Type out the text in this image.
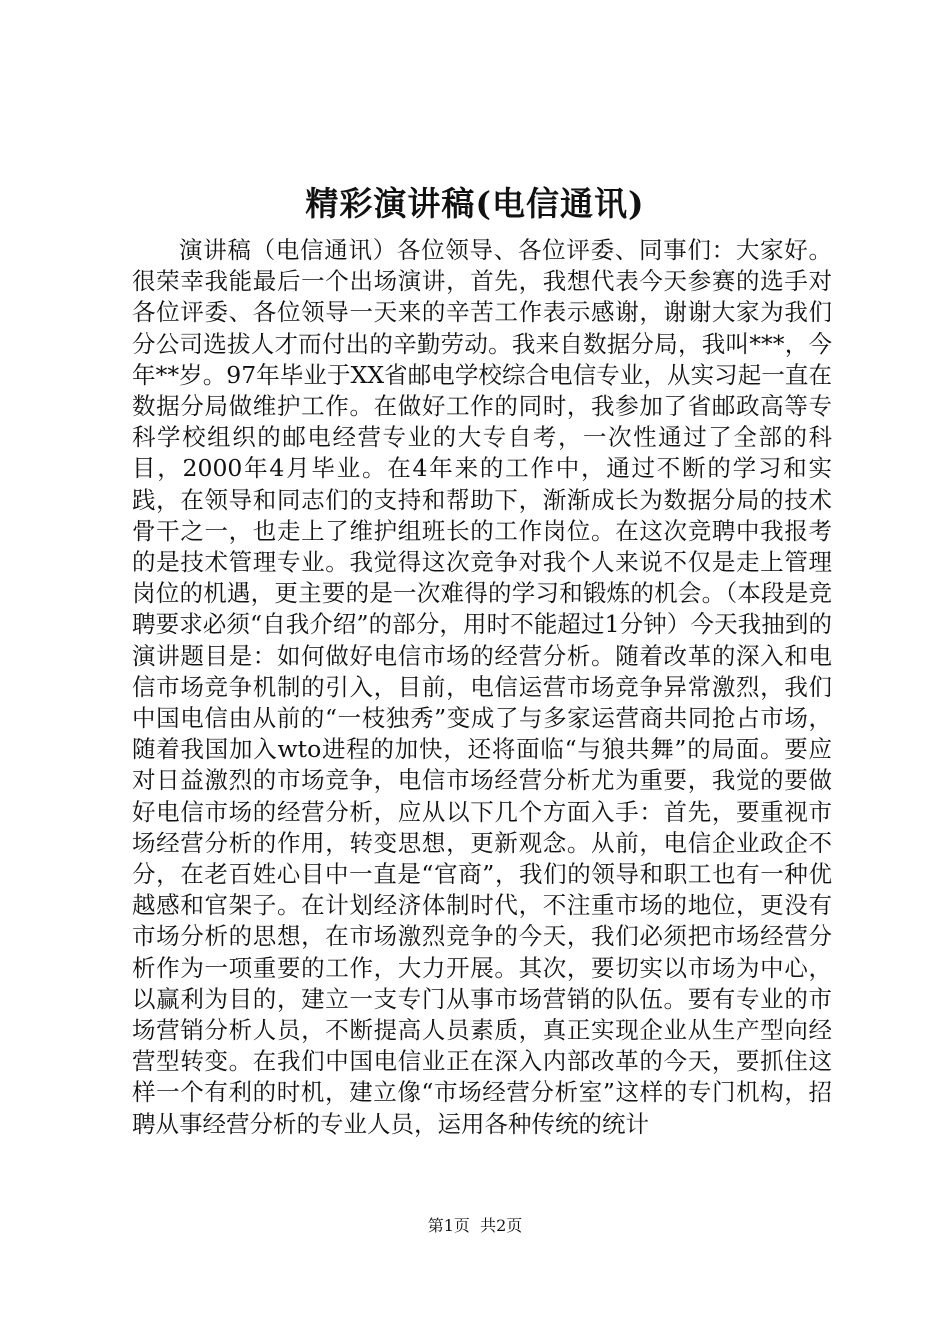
精彩演讲稿(电信通讯)

演讲稿（电信通讯）各位领导、各位评委、同事们：大家好。很荣幸我能最后一个出场演讲，首先，我想代表今天参赛的选手对各位评委、各位领导一天来的辛苦工作表示感谢，谢谢大家为我们分公司选拔人才而付出的辛勤劳动。我来自数据分局，我叫***，今年**岁。97年毕业于XX省邮电学校综合电信专业，从实习起一直在数据分局做维护工作。在做好工作的同时，我参加了省邮政高等专科学校组织的邮电经营专业的大专自考，一次性通过了全部的科目，2000年4月毕业。在4年来的工作中，通过不断的学习和实践，在领导和同志们的支持和帮助下，渐渐成长为数据分局的技术骨干之一，也走上了维护组班长的工作岗位。在这次竞聘中我报考的是技术管理专业。我觉得这次竞争对我个人来说不仅是走上管理岗位的机遇，更主要的是一次难得的学习和锻炼的机会。（本段是竞聘要求必须“自我介绍”的部分，用时不能超过1分钟）今天我抽到的演讲题目是：如何做好电信市场的经营分析。随着改革的深入和电信市场竞争机制的引入，目前，电信运营市场竞争异常激烈，我们中国电信由从前的“一枝独秀”变成了与多家运营商共同抢占市场，随着我国加入wto进程的加快，还将面临“与狼共舞”的局面。要应对日益激烈的市场竞争，电信市场经营分析尤为重要，我觉的要做好电信市场的经营分析，应从以下几个方面入手：首先，要重视市场经营分析的作用，转变思想，更新观念。从前，电信企业政企不分，在老百姓心目中一直是“官商”，我们的领导和职工也有一种优越感和官架子。在计划经济体制时代，不注重市场的地位，更没有市场分析的思想，在市场激烈竞争的今天，我们必须把市场经营分析作为一项重要的工作，大力开展。其次，要切实以市场为中心，以赢利为目的，建立一支专门从事市场营销的队伍。要有专业的市场营销分析人员，不断提高人员素质，真正实现企业从生产型向经营型转变。在我们中国电信业正在深入内部改革的今天，要抓住这样一个有利的时机，建立像“市场经营分析室”这样的专门机构，招聘从事经营分析的专业人员，运用各种传统的统计

第1页 共2页
